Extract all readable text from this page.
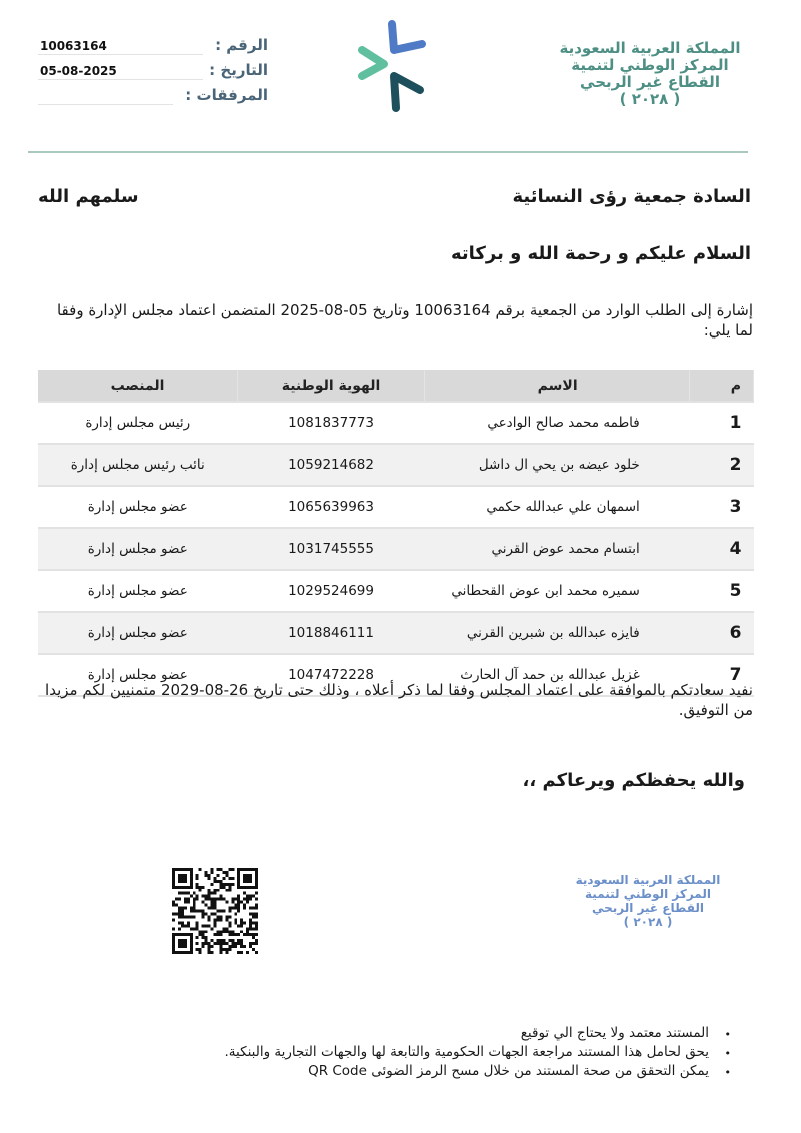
الرقم :
10063164
التاريخ :
05-08-2025
المرفقات :
المملكة العربية السعودية
المركز الوطني لتنمية
القطاع غير الربحي
( ٢٠٢٨ )
السادة جمعية رؤى النسائية
سلمهم الله
السلام عليكم و رحمة الله و بركاته
إشارة إلى الطلب الوارد من الجمعية برقم 10063164 وتاريخ 05-08-2025 المتضمن اعتماد مجلس الإدارة وفقا لما يلي:
م	الاسم	الهوية الوطنية	المنصب
1	فاطمه محمد صالح الوادعي	1081837773	رئيس مجلس إدارة
2	خلود عيضه بن يحي ال داشل	1059214682	نائب رئيس مجلس إدارة
3	اسمهان علي عبدالله حكمي	1065639963	عضو مجلس إدارة
4	ابتسام محمد عوض القرني	1031745555	عضو مجلس إدارة
5	سميره محمد ابن عوض القحطاني	1029524699	عضو مجلس إدارة
6	فايزه عبدالله بن شبرين القرني	1018846111	عضو مجلس إدارة
7	غزيل عبدالله بن حمد آل الحارث	1047472228	عضو مجلس إدارة
نفيد سعادتكم بالموافقة على اعتماد المجلس وفقا لما ذكر أعلاه ، وذلك حتى تاريخ 26-08-2029 متمنيين لكم مزيدا من التوفيق.
والله يحفظكم ويرعاكم ،،
المملكة العربية السعودية
المركز الوطني لتنمية
القطاع غير الربحي
( ٢٠٢٨ )
• المستند معتمد ولا يحتاج الي توقيع
• يحق لحامل هذا المستند مراجعة الجهات الحكومية والتابعة لها والجهات التجارية والبنكية.
• يمكن التحقق من صحة المستند من خلال مسح الرمز الضوئى QR Code
